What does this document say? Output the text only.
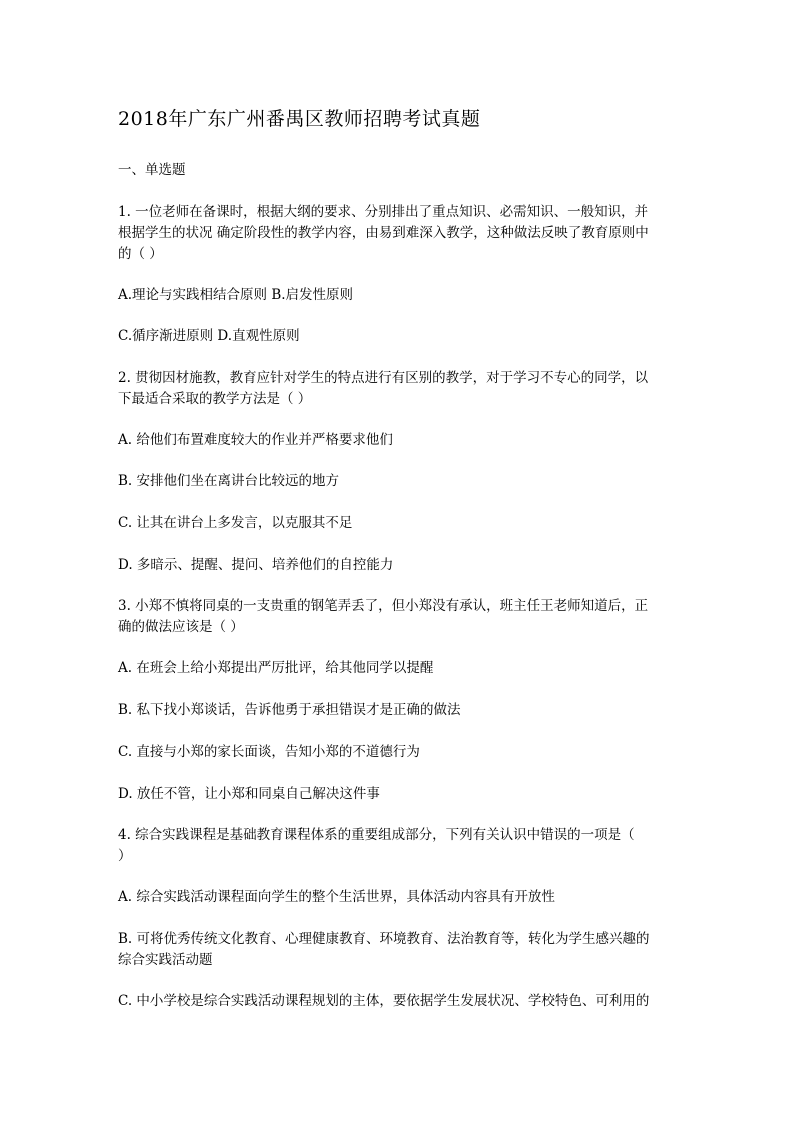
2018年广东广州番禺区教师招聘考试真题
一、单选题
1. 一位老师在备课时，根据大纲的要求、分别排出了重点知识、必需知识、一般知识，并
根据学生的状况 确定阶段性的教学内容，由易到难深入教学，这种做法反映了教育原则中
的（ ）
A.理论与实践相结合原则 B.启发性原则
C.循序渐进原则 D.直观性原则
2. 贯彻因材施教，教育应针对学生的特点进行有区别的教学，对于学习不专心的同学，以
下最适合采取的教学方法是（ ）
A. 给他们布置难度较大的作业并严格要求他们
B. 安排他们坐在离讲台比较远的地方
C. 让其在讲台上多发言，以克服其不足
D. 多暗示、提醒、提问、培养他们的自控能力
3. 小郑不慎将同桌的一支贵重的钢笔弄丢了，但小郑没有承认，班主任王老师知道后，正
确的做法应该是（ ）
A. 在班会上给小郑提出严厉批评，给其他同学以提醒
B. 私下找小郑谈话，告诉他勇于承担错误才是正确的做法
C. 直接与小郑的家长面谈，告知小郑的不道德行为
D. 放任不管，让小郑和同桌自己解决这件事
4. 综合实践课程是基础教育课程体系的重要组成部分，下列有关认识中错误的一项是（
）
A. 综合实践活动课程面向学生的整个生活世界，具体活动内容具有开放性
B. 可将优秀传统文化教育、心理健康教育、环境教育、法治教育等，转化为学生感兴趣的
综合实践活动题
C. 中小学校是综合实践活动课程规划的主体，要依据学生发展状况、学校特色、可利用的
